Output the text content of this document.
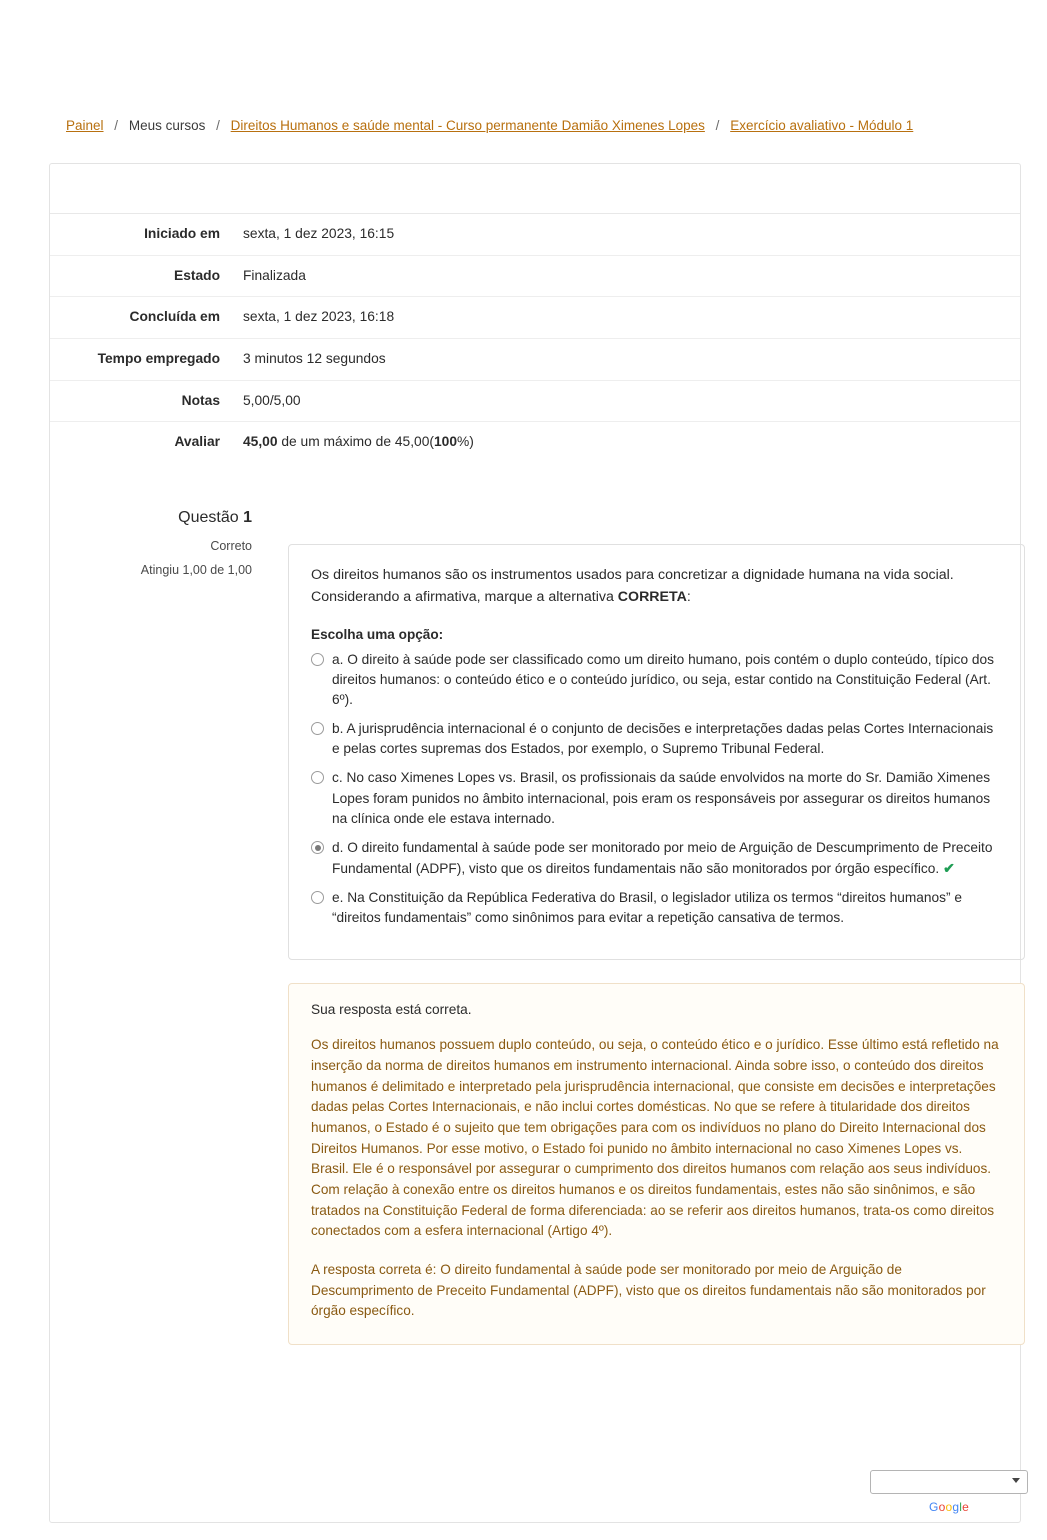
Painel / Meus cursos / Direitos Humanos e saúde mental - Curso permanente Damião Ximenes Lopes / Exercício avaliativo - Módulo 1
Iniciado em	sexta, 1 dez 2023, 16:15
Estado	Finalizada
Concluída em	sexta, 1 dez 2023, 16:18
Tempo empregado	3 minutos 12 segundos
Notas	5,00/5,00
Avaliar	45,00 de um máximo de 45,00(100%)
Questão 1
Correto
Atingiu 1,00 de 1,00	Os direitos humanos são os instrumentos usados para concretizar a dignidade humana na vida social. Considerando a afirmativa, marque a alternativa CORRETA:
Escolha uma opção:
a. O direito à saúde pode ser classificado como um direito humano, pois contém o duplo conteúdo, típico dos direitos humanos: o conteúdo ético e o conteúdo jurídico, ou seja, estar contido na Constituição Federal (Art. 6º).
b. A jurisprudência internacional é o conjunto de decisões e interpretações dadas pelas Cortes Internacionais e pelas cortes supremas dos Estados, por exemplo, o Supremo Tribunal Federal.
c. No caso Ximenes Lopes vs. Brasil, os profissionais da saúde envolvidos na morte do Sr. Damião Ximenes Lopes foram punidos no âmbito internacional, pois eram os responsáveis por assegurar os direitos humanos na clínica onde ele estava internado.
d. O direito fundamental à saúde pode ser monitorado por meio de Arguição de Descumprimento de Preceito Fundamental (ADPF), visto que os direitos fundamentais não são monitorados por órgão específico. ✔
e. Na Constituição da República Federativa do Brasil, o legislador utiliza os termos “direitos humanos” e “direitos fundamentais” como sinônimos para evitar a repetição cansativa de termos.
Sua resposta está correta.

Os direitos humanos possuem duplo conteúdo, ou seja, o conteúdo ético e o jurídico. Esse último está refletido na inserção da norma de direitos humanos em instrumento internacional. Ainda sobre isso, o conteúdo dos direitos humanos é delimitado e interpretado pela jurisprudência internacional, que consiste em decisões e interpretações dadas pelas Cortes Internacionais, e não inclui cortes domésticas. No que se refere à titularidade dos direitos humanos, o Estado é o sujeito que tem obrigações para com os indivíduos no plano do Direito Internacional dos Direitos Humanos. Por esse motivo, o Estado foi punido no âmbito internacional no caso Ximenes Lopes vs. Brasil. Ele é o responsável por assegurar o cumprimento dos direitos humanos com relação aos seus indivíduos. Com relação à conexão entre os direitos humanos e os direitos fundamentais, estes não são sinônimos, e são tratados na Constituição Federal de forma diferenciada: ao se referir aos direitos humanos, trata-os como direitos conectados com a esfera internacional (Artigo 4º).

A resposta correta é: O direito fundamental à saúde pode ser monitorado por meio de Arguição de Descumprimento de Preceito Fundamental (ADPF), visto que os direitos fundamentais não são monitorados por órgão específico.

Google
